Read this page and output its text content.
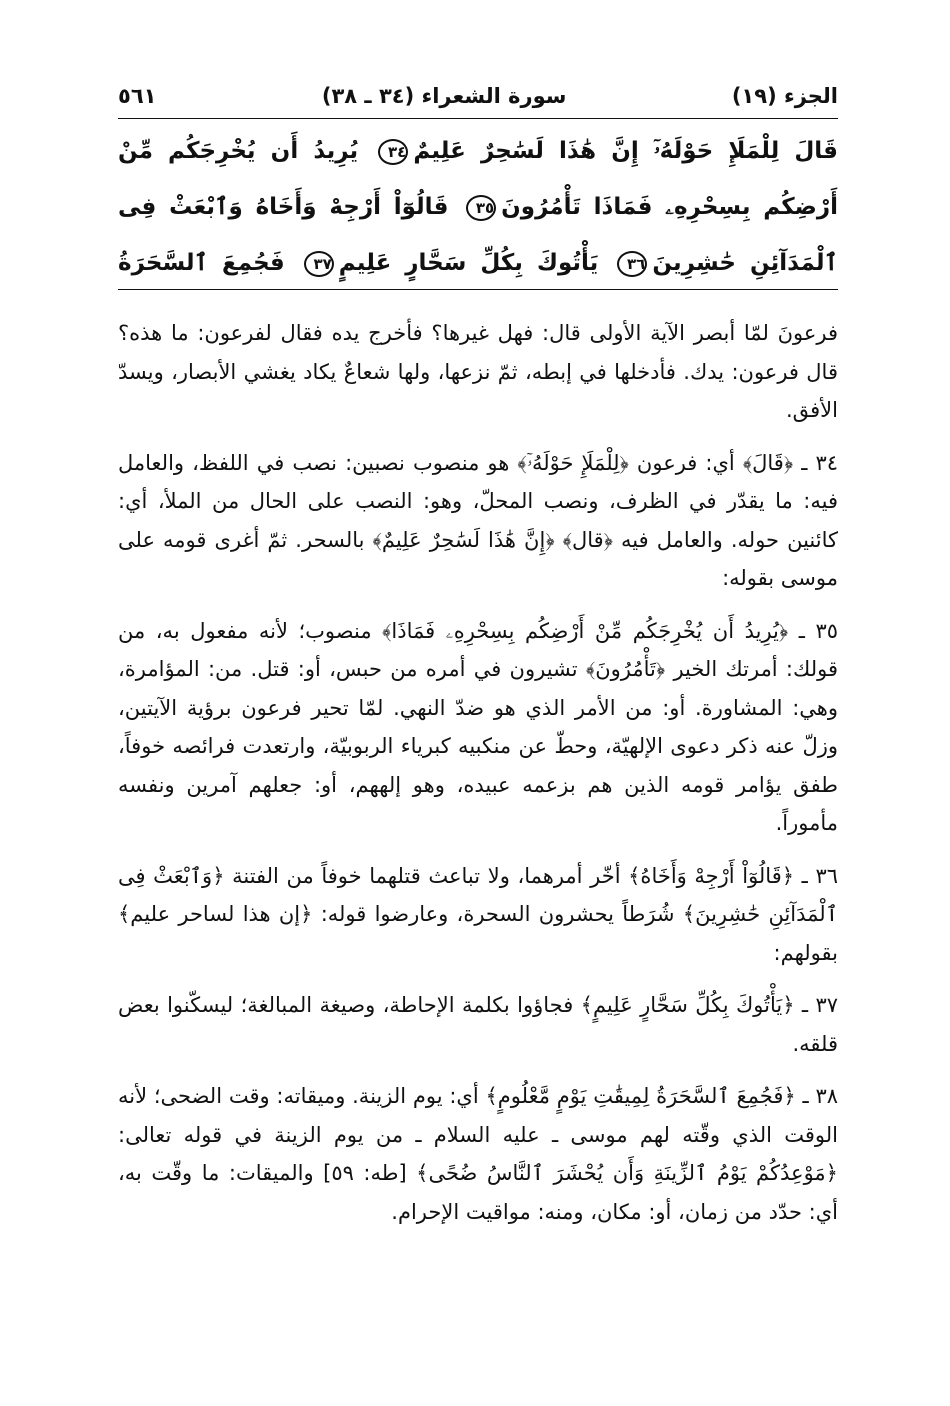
الجزء (١٩)
سورة الشعراء (٣٤ ـ ٣٨)
٥٦١
قَالَ لِلْمَلَإِ حَوْلَهُۥٓ إِنَّ هَٰذَا لَسَٰحِرٌ عَلِيمٌ٣٤ يُرِيدُ أَن يُخْرِجَكُم مِّنْ أَرْضِكُم بِسِحْرِهِۦ فَمَاذَا تَأْمُرُونَ٣٥ قَالُوٓاْ أَرْجِهْ وَأَخَاهُ وَٱبْعَثْ فِى ٱلْمَدَآئِنِ حَٰشِرِينَ٣٦ يَأْتُوكَ بِكُلِّ سَحَّارٍ عَلِيمٍ٣٧ فَجُمِعَ ٱلسَّحَرَةُ

فرعونَ لمّا أبصر الآية الأولى قال: فهل غيرها؟ فأخرج يده فقال لفرعون: ما هذه؟ قال فرعون: يدك. فأدخلها في إبطه، ثمّ نزعها، ولها شعاعٌ يكاد يغشي الأبصار، ويسدّ الأفق.

٣٤ ـ ﴿قَالَ﴾ أي: فرعون ﴿لِلْمَلَإِ حَوْلَهُۥٓ﴾ هو منصوب نصبين: نصب في اللفظ، والعامل فيه: ما يقدّر في الظرف، ونصب المحلّ، وهو: النصب على الحال من الملأ، أي: كائنين حوله. والعامل فيه ﴿قال﴾ ﴿إِنَّ هَٰذَا لَسَٰحِرٌ عَلِيمٌ﴾ بالسحر. ثمّ أغرى قومه على موسى بقوله:

٣٥ ـ ﴿يُرِيدُ أَن يُخْرِجَكُم مِّنْ أَرْضِكُم بِسِحْرِهِۦ فَمَاذَا﴾ منصوب؛ لأنه مفعول به، من قولك: أمرتك الخير ﴿تَأْمُرُونَ﴾ تشيرون في أمره من حبس، أو: قتل. من: المؤامرة، وهي: المشاورة. أو: من الأمر الذي هو ضدّ النهي. لمّا تحير فرعون برؤية الآيتين، وزلّ عنه ذكر دعوى الإلهيّة، وحطّ عن منكبيه كبرياء الربوبيّة، وارتعدت فرائصه خوفاً، طفق يؤامر قومه الذين هم بزعمه عبيده، وهو إلههم، أو: جعلهم آمرين ونفسه مأموراً.

٣٦ ـ ﴿قَالُوٓاْ أَرْجِهْ وَأَخَاهُ﴾ أخّر أمرهما، ولا تباعث قتلهما خوفاً من الفتنة ﴿وَٱبْعَثْ فِى ٱلْمَدَآئِنِ حَٰشِرِينَ﴾ شُرَطاً يحشرون السحرة، وعارضوا قوله: ﴿إن هذا لساحر عليم﴾ بقولهم:

٣٧ ـ ﴿يَأْتُوكَ بِكُلِّ سَحَّارٍ عَلِيمٍ﴾ فجاؤوا بكلمة الإحاطة، وصيغة المبالغة؛ ليسكّنوا بعض قلقه.

٣٨ ـ ﴿فَجُمِعَ ٱلسَّحَرَةُ لِمِيقَٰتِ يَوْمٍ مَّعْلُومٍ﴾ أي: يوم الزينة. وميقاته: وقت الضحى؛ لأنه الوقت الذي وقّته لهم موسى ـ عليه السلام ـ من يوم الزينة في قوله تعالى: ﴿مَوْعِدُكُمْ يَوْمُ ٱلزِّينَةِ وَأَن يُحْشَرَ ٱلنَّاسُ ضُحًى﴾ [طه: ٥٩] والميقات: ما وقّت به، أي: حدّد من زمان، أو: مكان، ومنه: مواقيت الإحرام.
